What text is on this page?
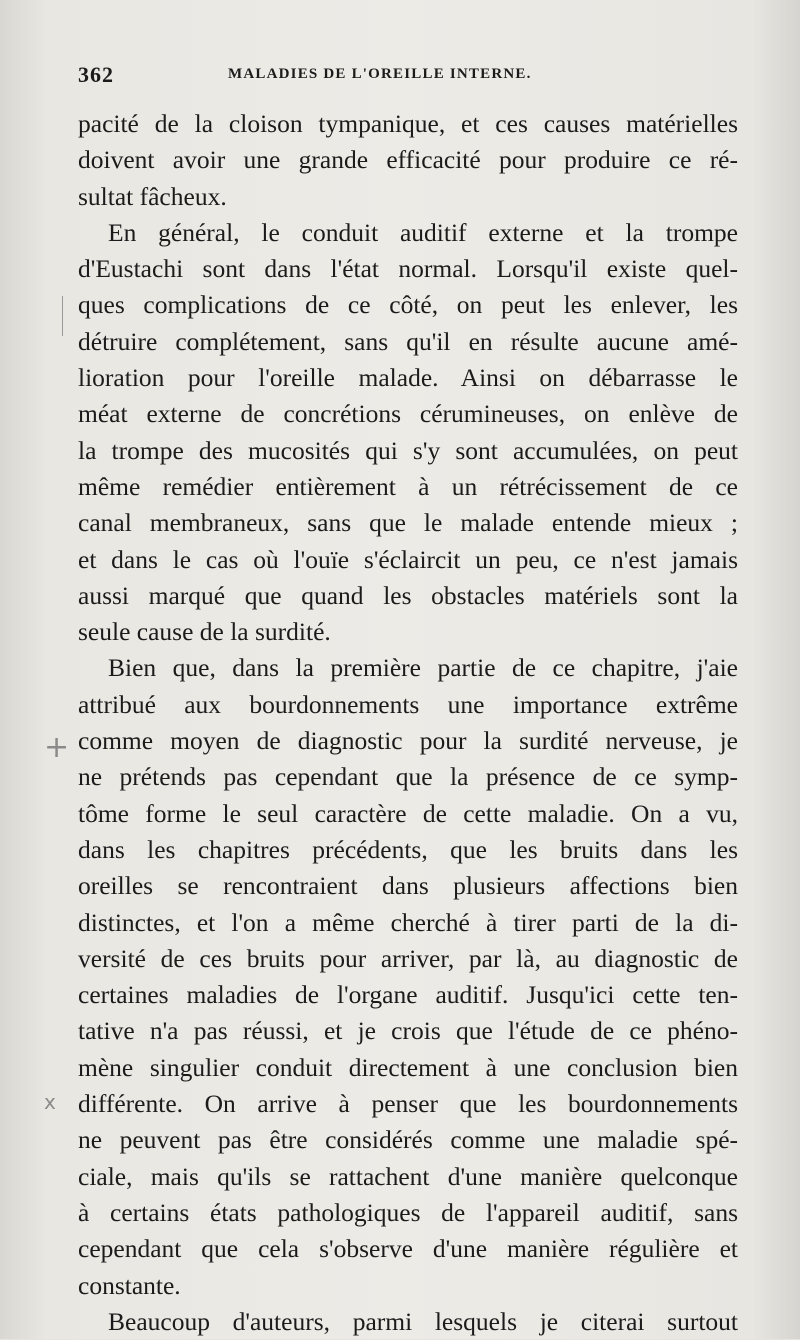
362	MALADIES DE L'OREILLE INTERNE.
pacité de la cloison tympanique, et ces causes matérielles
doivent avoir une grande efficacité pour produire ce ré-
sultat fâcheux.
En général, le conduit auditif externe et la trompe
d'Eustachi sont dans l'état normal. Lorsqu'il existe quel-
ques complications de ce côté, on peut les enlever, les
détruire complétement, sans qu'il en résulte aucune amé-
lioration pour l'oreille malade. Ainsi on débarrasse le
méat externe de concrétions cérumineuses, on enlève de
la trompe des mucosités qui s'y sont accumulées, on peut
même remédier entièrement à un rétrécissement de ce
canal membraneux, sans que le malade entende mieux ;
et dans le cas où l'ouïe s'éclaircit un peu, ce n'est jamais
aussi marqué que quand les obstacles matériels sont la
seule cause de la surdité.
Bien que, dans la première partie de ce chapitre, j'aie
attribué aux bourdonnements une importance extrême
comme moyen de diagnostic pour la surdité nerveuse, je
ne prétends pas cependant que la présence de ce symp-
tôme forme le seul caractère de cette maladie. On a vu,
dans les chapitres précédents, que les bruits dans les
oreilles se rencontraient dans plusieurs affections bien
distinctes, et l'on a même cherché à tirer parti de la di-
versité de ces bruits pour arriver, par là, au diagnostic de
certaines maladies de l'organe auditif. Jusqu'ici cette ten-
tative n'a pas réussi, et je crois que l'étude de ce phéno-
mène singulier conduit directement à une conclusion bien
différente. On arrive à penser que les bourdonnements
ne peuvent pas être considérés comme une maladie spé-
ciale, mais qu'ils se rattachent d'une manière quelconque
à certains états pathologiques de l'appareil auditif, sans
cependant que cela s'observe d'une manière régulière et
constante.
Beaucoup d'auteurs, parmi lesquels je citerai surtout
+
x
